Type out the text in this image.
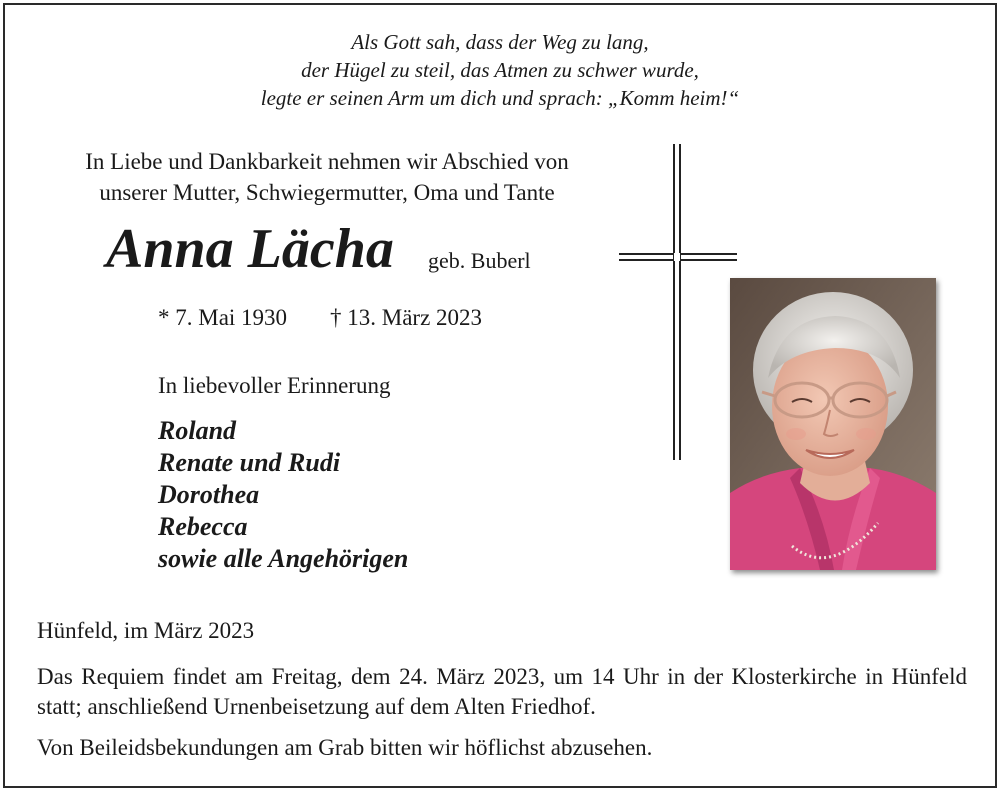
Als Gott sah, dass der Weg zu lang,
der Hügel zu steil, das Atmen zu schwer wurde,
legte er seinen Arm um dich und sprach: „Komm heim!“
In Liebe und Dankbarkeit nehmen wir Abschied von
unserer Mutter, Schwiegermutter, Oma und Tante
Anna Lächa geb. Buberl
* 7. Mai 1930 † 13. März 2023
In liebevoller Erinnerung
Roland
Renate und Rudi
Dorothea
Rebecca
sowie alle Angehörigen
Hünfeld, im März 2023
Das Requiem findet am Freitag, dem 24. März 2023, um 14 Uhr in der Klosterkirche in Hünfeld statt; anschließend Urnenbeisetzung auf dem Alten Friedhof.
Von Beileidsbekundungen am Grab bitten wir höflichst abzusehen.
